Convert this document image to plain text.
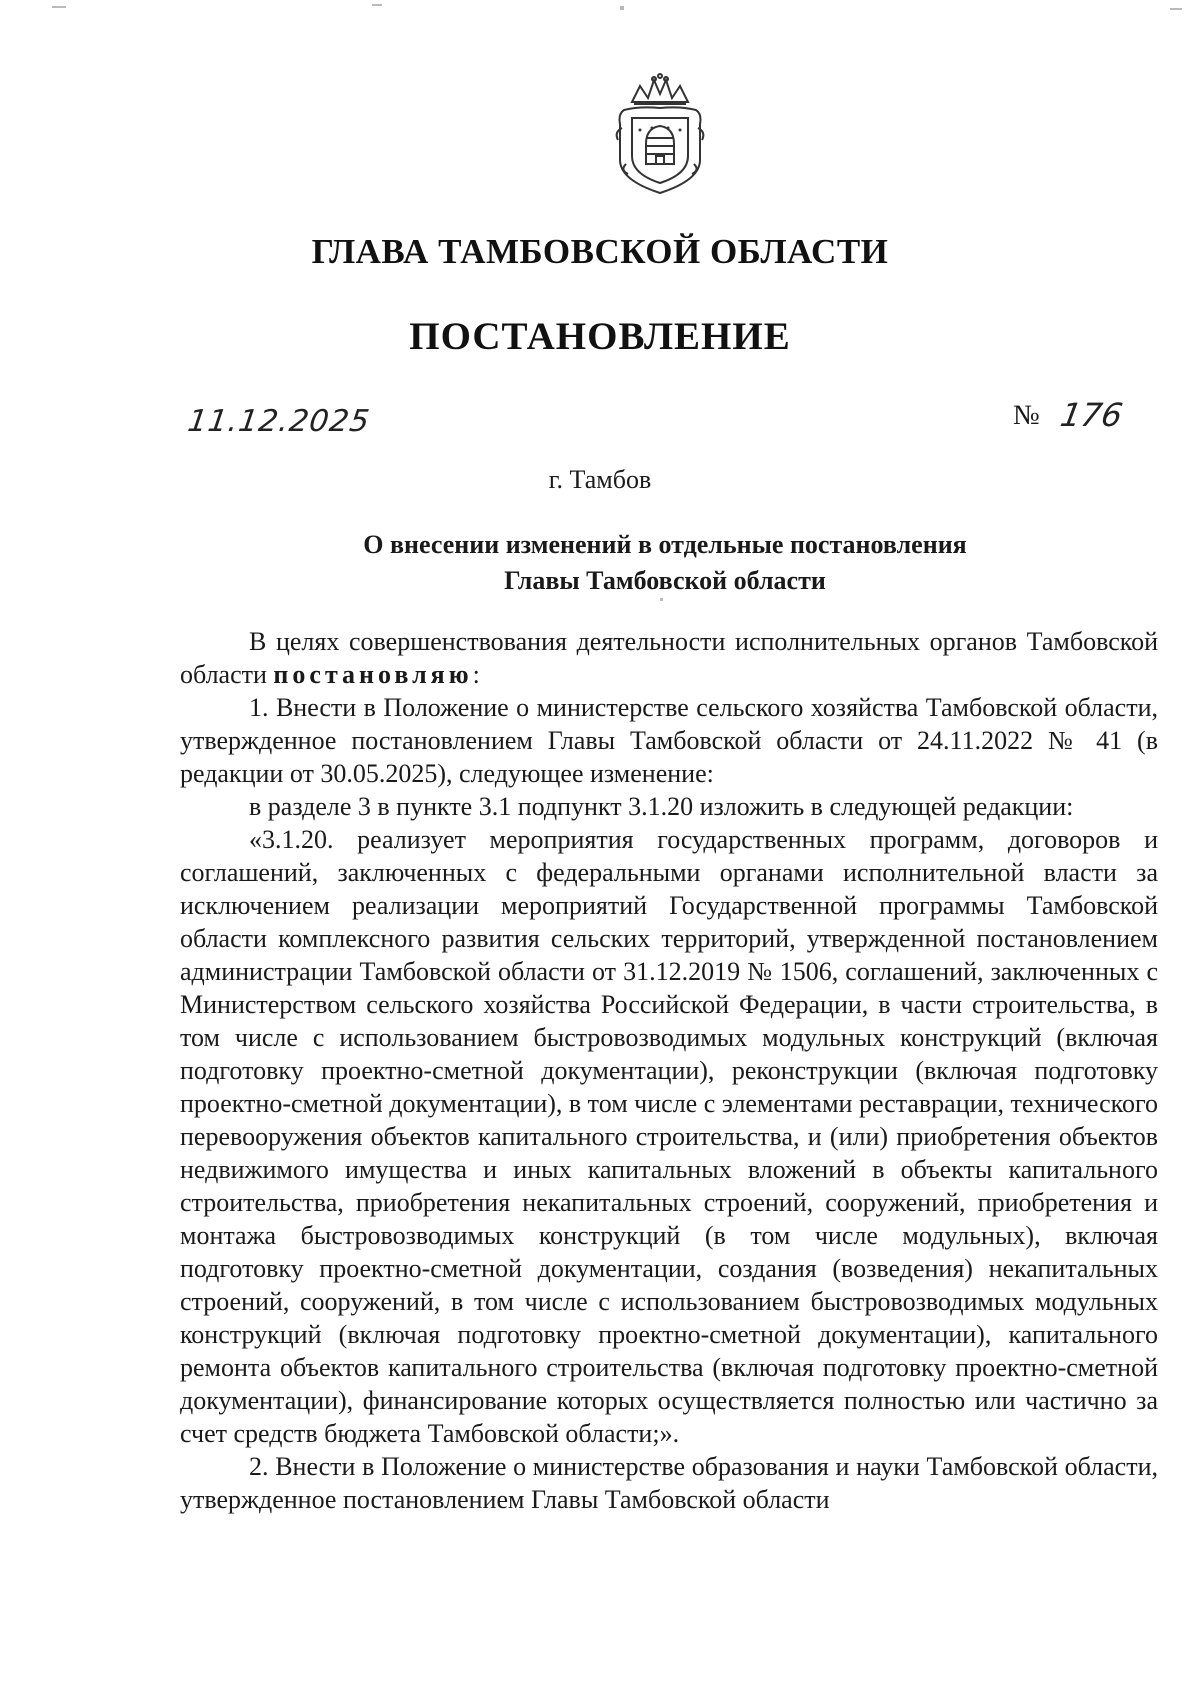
ГЛАВА ТАМБОВСКОЙ ОБЛАСТИ
ПОСТАНОВЛЕНИЕ
11.12.2025	№ 176
г. Тамбов
О внесении изменений в отдельные постановления
Главы Тамбовской области

В целях совершенствования деятельности исполнительных органов Тамбовской области постановляю:

1. Внести в Положение о министерстве сельского хозяйства Тамбовской области, утвержденное постановлением Главы Тамбовской области от 24.11.2022 № 41 (в редакции от 30.05.2025), следующее изменение:

в разделе 3 в пункте 3.1 подпункт 3.1.20 изложить в следующей редакции:

«3.1.20. реализует мероприятия государственных программ, договоров и соглашений, заключенных с федеральными органами исполнительной власти за исключением реализации мероприятий Государственной программы Тамбовской области комплексного развития сельских территорий, утвержденной постановлением администрации Тамбовской области от 31.12.2019 № 1506, соглашений, заключенных с Министерством сельского хозяйства Российской Федерации, в части строительства, в том числе с использованием быстровозводимых модульных конструкций (включая подготовку проектно-сметной документации), реконструкции (включая подготовку проектно-сметной документации), в том числе с элементами реставрации, технического перевооружения объектов капитального строительства, и (или) приобретения объектов недвижимого имущества и иных капитальных вложений в объекты капитального строительства, приобретения некапитальных строений, сооружений, приобретения и монтажа быстровозводимых конструкций (в том числе модульных), включая подготовку проектно-сметной документации, создания (возведения) некапитальных строений, сооружений, в том числе с использованием быстровозводимых модульных конструкций (включая подготовку проектно-сметной документации), капитального ремонта объектов капитального строительства (включая подготовку проектно-сметной документации), финансирование которых осуществляется полностью или частично за счет средств бюджета Тамбовской области;».

2. Внести в Положение о министерстве образования и науки Тамбовской области, утвержденное постановлением Главы Тамбовской области
